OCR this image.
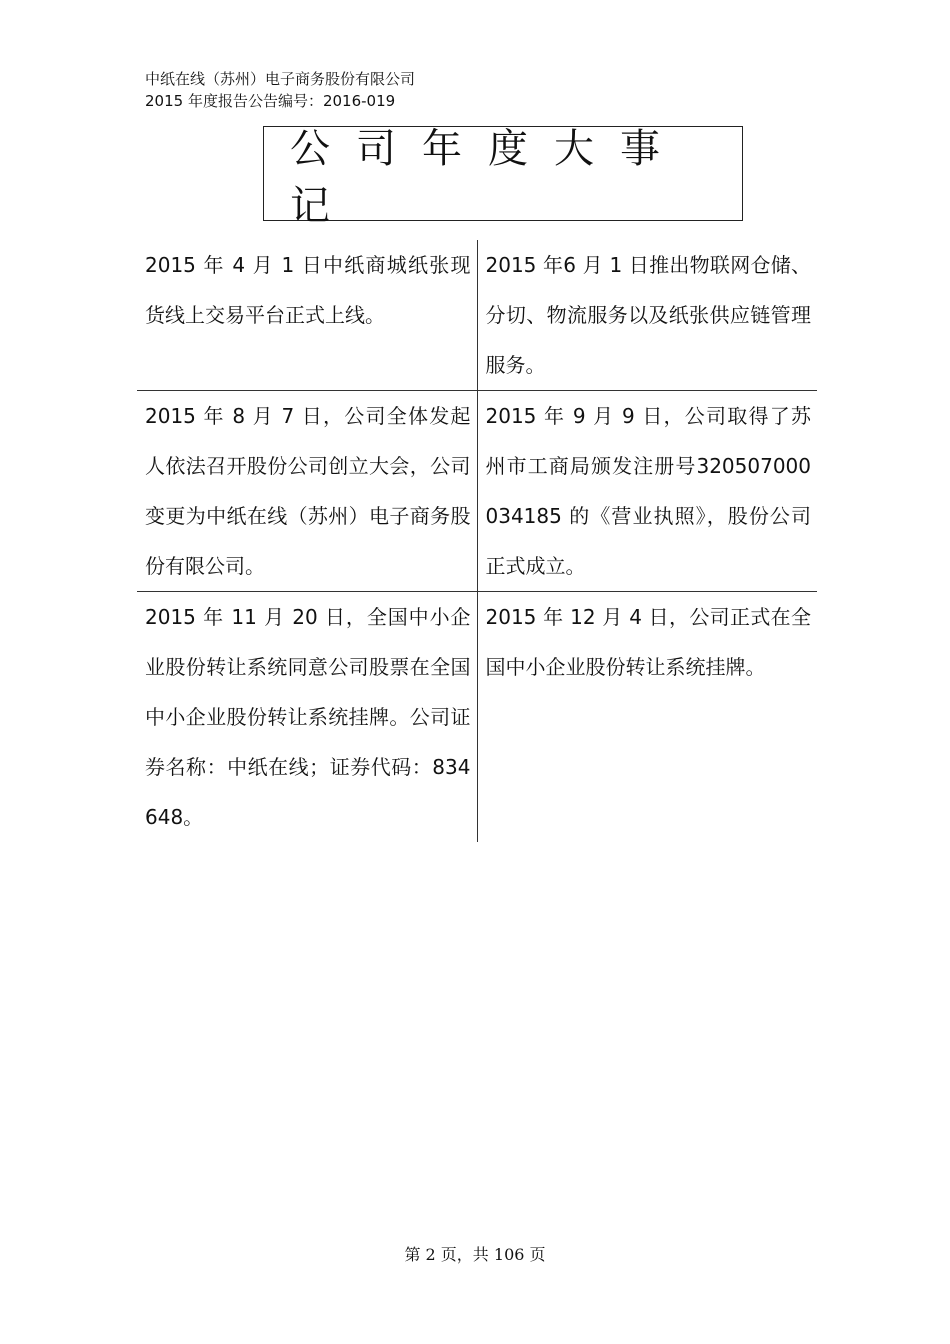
中纸在线（苏州）电子商务股份有限公司
2015 年度报告公告编号：2016-019
公司年度大事记
2015 年 4 月 1 日中纸商城纸张现货线上交易平台正式上线。	2015 年6 月 1 日推出物联网仓储、分切、物流服务以及纸张供应链管理服务。
2015 年 8 月 7 日，公司全体发起人依法召开股份公司创立大会，公司变更为中纸在线（苏州）电子商务股份有限公司。	2015 年 9 月 9 日，公司取得了苏州市工商局颁发注册号320507000034185 的《营业执照》，股份公司正式成立。
2015 年 11 月 20 日，全国中小企业股份转让系统同意公司股票在全国中小企业股份转让系统挂牌。公司证券名称：中纸在线；证券代码：834648。	2015 年 12 月 4 日，公司正式在全国中小企业股份转让系统挂牌。
第 2 页，共 106 页
